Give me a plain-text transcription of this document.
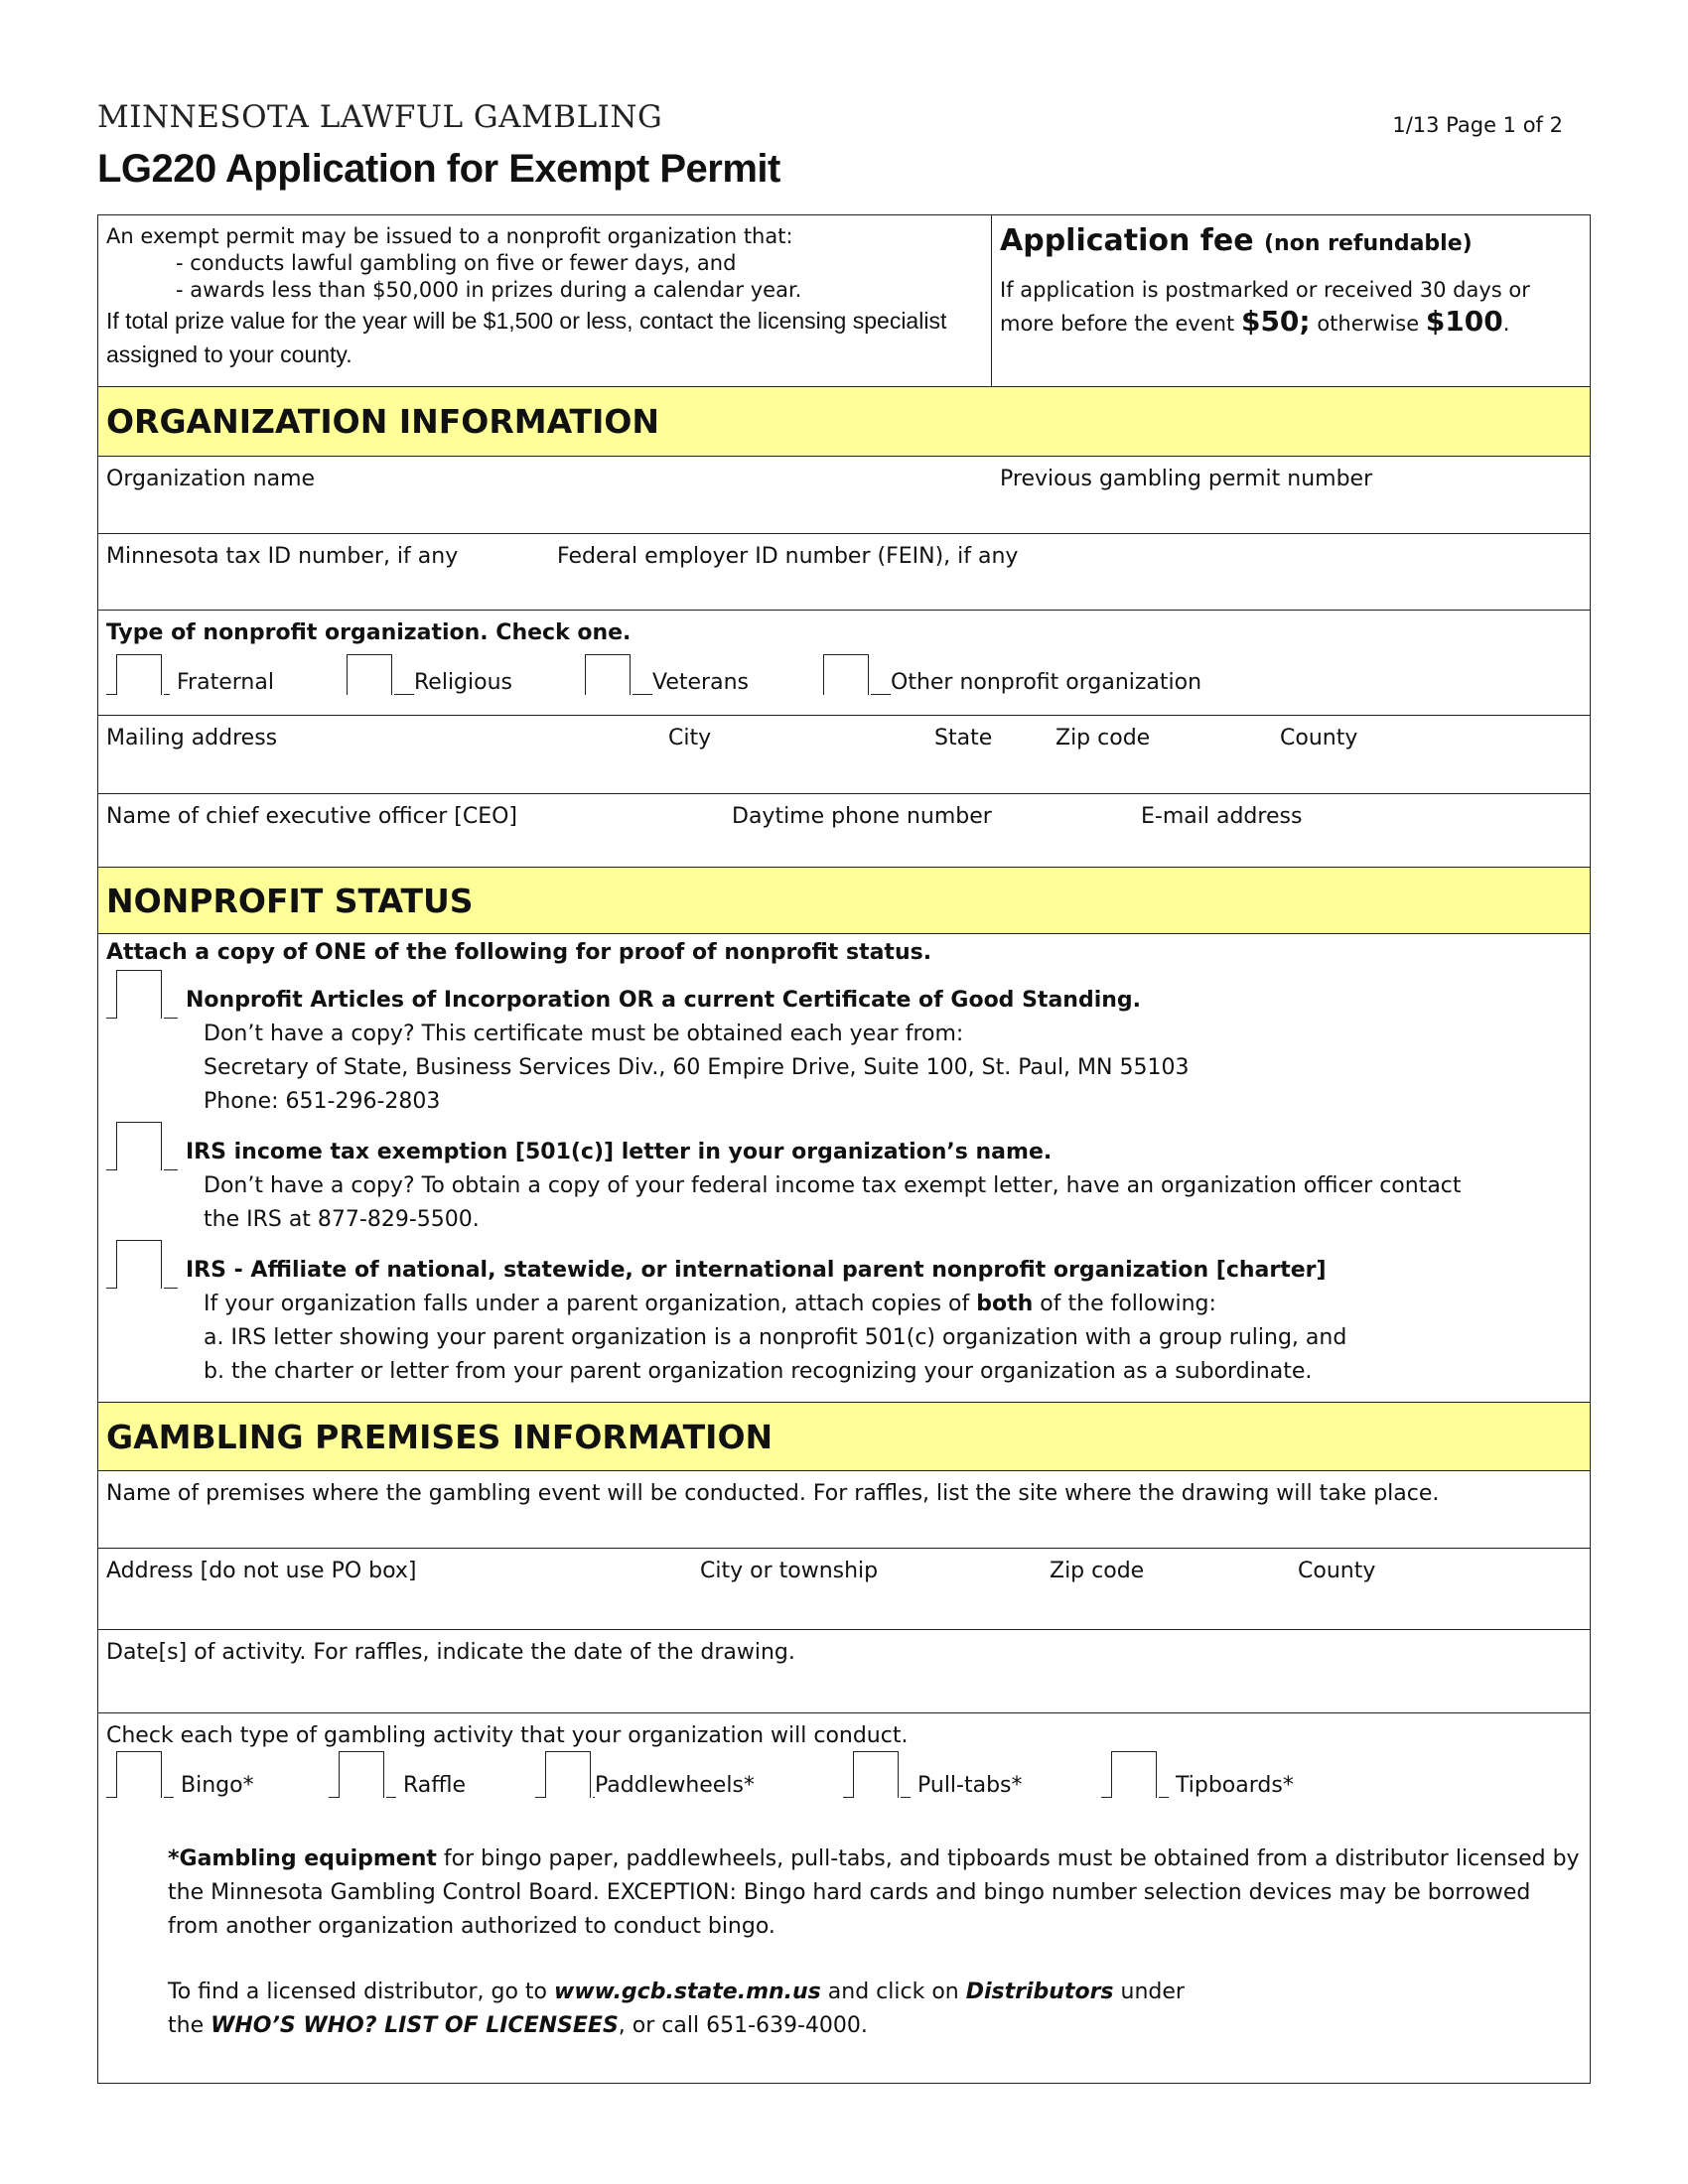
MINNESOTA LAWFUL GAMBLING	1/13 Page 1 of 2
LG220 Application for Exempt Permit
An exempt permit may be issued to a nonprofit organization that:
- conducts lawful gambling on five or fewer days, and
- awards less than $50,000 in prizes during a calendar year.
If total prize value for the year will be $1,500 or less, contact the licensing specialist assigned to your county.
Application fee (non refundable)
If application is postmarked or received 30 days or more before the event $50; otherwise $100.
ORGANIZATION INFORMATION
Organization name	Previous gambling permit number
Minnesota tax ID number, if any	Federal employer ID number (FEIN), if any
Type of nonprofit organization. Check one.

Fraternal	Religious	Veterans	Other nonprofit organization
Mailing address	City	State	Zip code	County
Name of chief executive officer [CEO]	Daytime phone number	E-mail address
NONPROFIT STATUS
Attach a copy of ONE of the following for proof of nonprofit status.
Nonprofit Articles of Incorporation OR a current Certificate of Good Standing.
Don’t have a copy? This certificate must be obtained each year from:
Secretary of State, Business Services Div., 60 Empire Drive, Suite 100, St. Paul, MN 55103
Phone: 651-296-2803
IRS income tax exemption [501(c)] letter in your organization’s name.
Don’t have a copy? To obtain a copy of your federal income tax exempt letter, have an organization officer contact
the IRS at 877-829-5500.
IRS - Affiliate of national, statewide, or international parent nonprofit organization [charter]
If your organization falls under a parent organization, attach copies of both of the following:
a. IRS letter showing your parent organization is a nonprofit 501(c) organization with a group ruling, and
b. the charter or letter from your parent organization recognizing your organization as a subordinate.
GAMBLING PREMISES INFORMATION
Name of premises where the gambling event will be conducted. For raffles, list the site where the drawing will take place.
Address [do not use PO box]	City or township	Zip code	County
Date[s] of activity. For raffles, indicate the date of the drawing.
Check each type of gambling activity that your organization will conduct.

Bingo*
	Raffle	Paddlewheels*
	Pull-tabs*
	Tipboards*
*Gambling equipment for bingo paper, paddlewheels, pull-tabs, and tipboards must be obtained from a distributor licensed by the Minnesota Gambling Control Board. EXCEPTION: Bingo hard cards and bingo number selection devices may be borrowed from another organization authorized to conduct bingo.
To find a licensed distributor, go to www.gcb.state.mn.us and click on Distributors under
the WHO’S WHO? LIST OF LICENSEES, or call 651-639-4000.
